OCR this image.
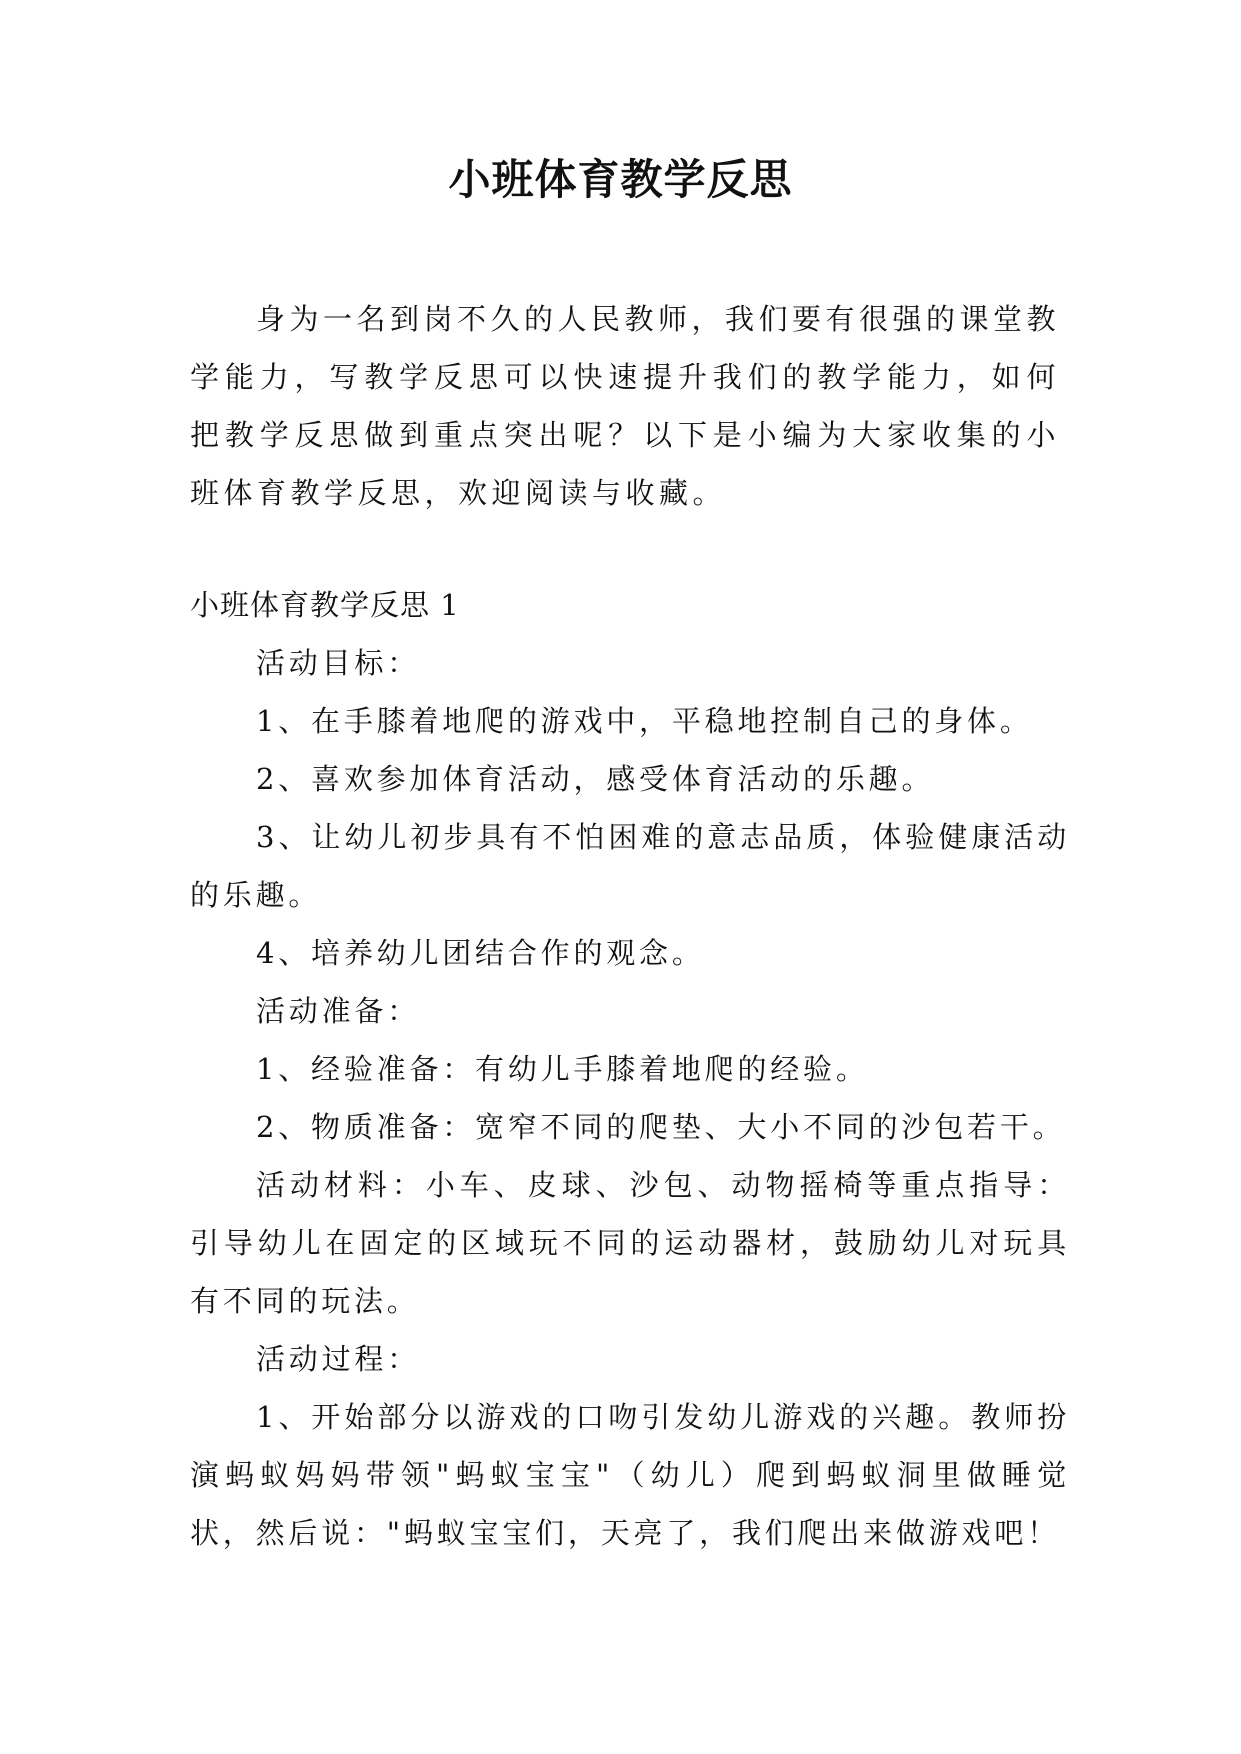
小班体育教学反思

身为一名到岗不久的人民教师，我们要有很强的课堂教学能力，写教学反思可以快速提升我们的教学能力，如何把教学反思做到重点突出呢？以下是小编为大家收集的小班体育教学反思，欢迎阅读与收藏。

小班体育教学反思 1

活动目标：

1、在手膝着地爬的游戏中，平稳地控制自己的身体。

2、喜欢参加体育活动，感受体育活动的乐趣。

3、让幼儿初步具有不怕困难的意志品质，体验健康活动的乐趣。

4、培养幼儿团结合作的观念。

活动准备：

1、经验准备：有幼儿手膝着地爬的经验。

2、物质准备：宽窄不同的爬垫、大小不同的沙包若干。

活动材料：小车、皮球、沙包、动物摇椅等重点指导：引导幼儿在固定的区域玩不同的运动器材，鼓励幼儿对玩具有不同的玩法。

活动过程：

1、开始部分以游戏的口吻引发幼儿游戏的兴趣。教师扮演蚂蚁妈妈带领"蚂蚁宝宝"（幼儿）爬到蚂蚁洞里做睡觉状，然后说："蚂蚁宝宝们，天亮了，我们爬出来做游戏吧！
